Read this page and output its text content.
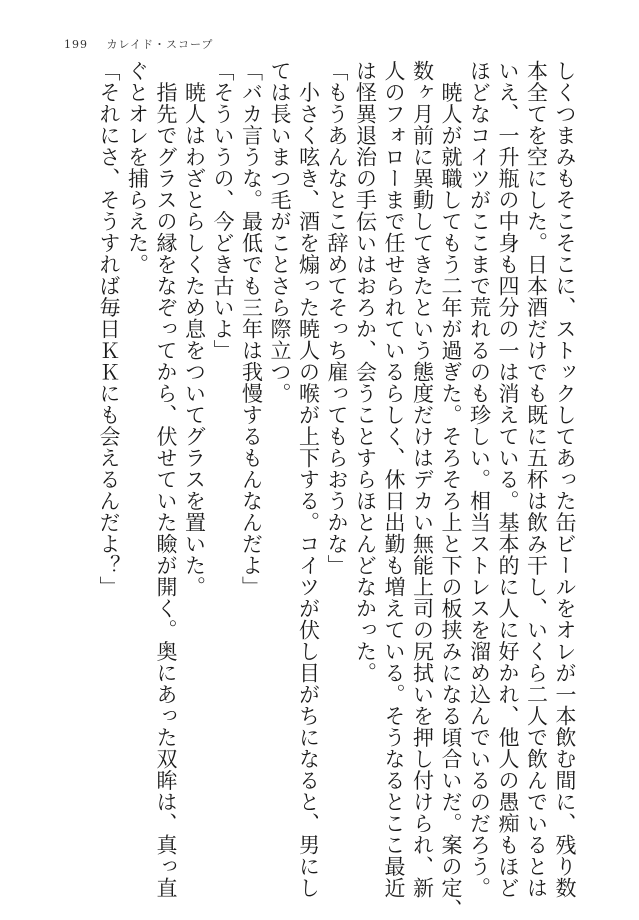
199 カレイド・スコープ
しくつまみもそこそこに、ストックしてあった缶ビールをオレが一本飲む間に、残り数
本全てを空にした。日本酒だけでも既に五杯は飲み干し、いくら二人で飲んでいるとは
いえ、一升瓶の中身も四分の一は消えている。基本的に人に好かれ、他人の愚痴もほど
ほどなコイツがここまで荒れるのも珍しい。相当ストレスを溜め込んでいるのだろう。
　暁人が就職してもう二年が過ぎた。そろそろ上と下の板挟みになる頃合いだ。案の定、
数ヶ月前に異動してきたという態度だけはデカい無能上司の尻拭いを押し付けられ、新
人のフォローまで任せられているらしく、休日出勤も増えている。そうなるとここ最近
は怪異退治の手伝いはおろか、会うことすらほとんどなかった。
「もうあんなとこ辞めてそっち雇ってもらおうかな」
　小さく呟き、酒を煽った暁人の喉が上下する。コイツが伏し目がちになると、男にし
ては長いまつ毛がことさら際立つ。
「バカ言うな。最低でも三年は我慢するもんなんだよ」
「そういうの、今どき古いよ」
　暁人はわざとらしくため息をついてグラスを置いた。
　指先でグラスの縁をなぞってから、伏せていた瞼が開く。奥にあった双眸は、真っ直
ぐとオレを捕らえた。
「それにさ、そうすれば毎日ＫＫにも会えるんだよ？」
